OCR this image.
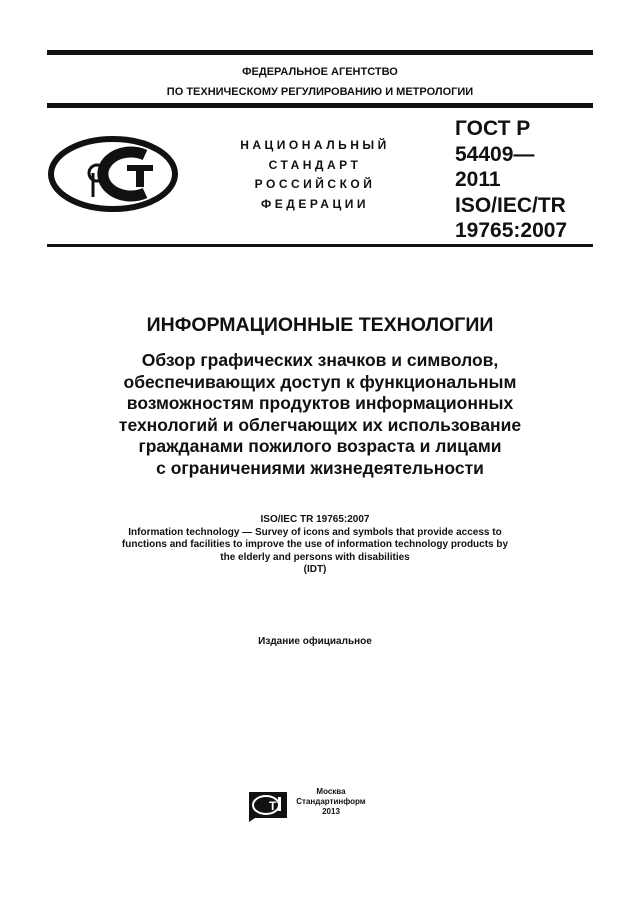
ФЕДЕРАЛЬНОЕ АГЕНТСТВО
ПО ТЕХНИЧЕСКОМУ РЕГУЛИРОВАНИЮ И МЕТРОЛОГИИ
НАЦИОНАЛЬНЫЙ
СТАНДАРТ
РОССИЙСКОЙ
ФЕДЕРАЦИИ
ГОСТ Р
54409—
2011
ISO/IEC/TR
19765:2007
ИНФОРМАЦИОННЫЕ ТЕХНОЛОГИИ
Обзор графических значков и символов,
обеспечивающих доступ к функциональным
возможностям продуктов информационных
технологий и облегчающих их использование
гражданами пожилого возраста и лицами
с ограничениями жизнедеятельности
ISO/IEC TR 19765:2007
Information technology — Survey of icons and symbols that provide access to
functions and facilities to improve the use of information technology products by
the elderly and persons with disabilities
(IDT)
Издание официальное
Т
Москва
Стандартинформ
2013
